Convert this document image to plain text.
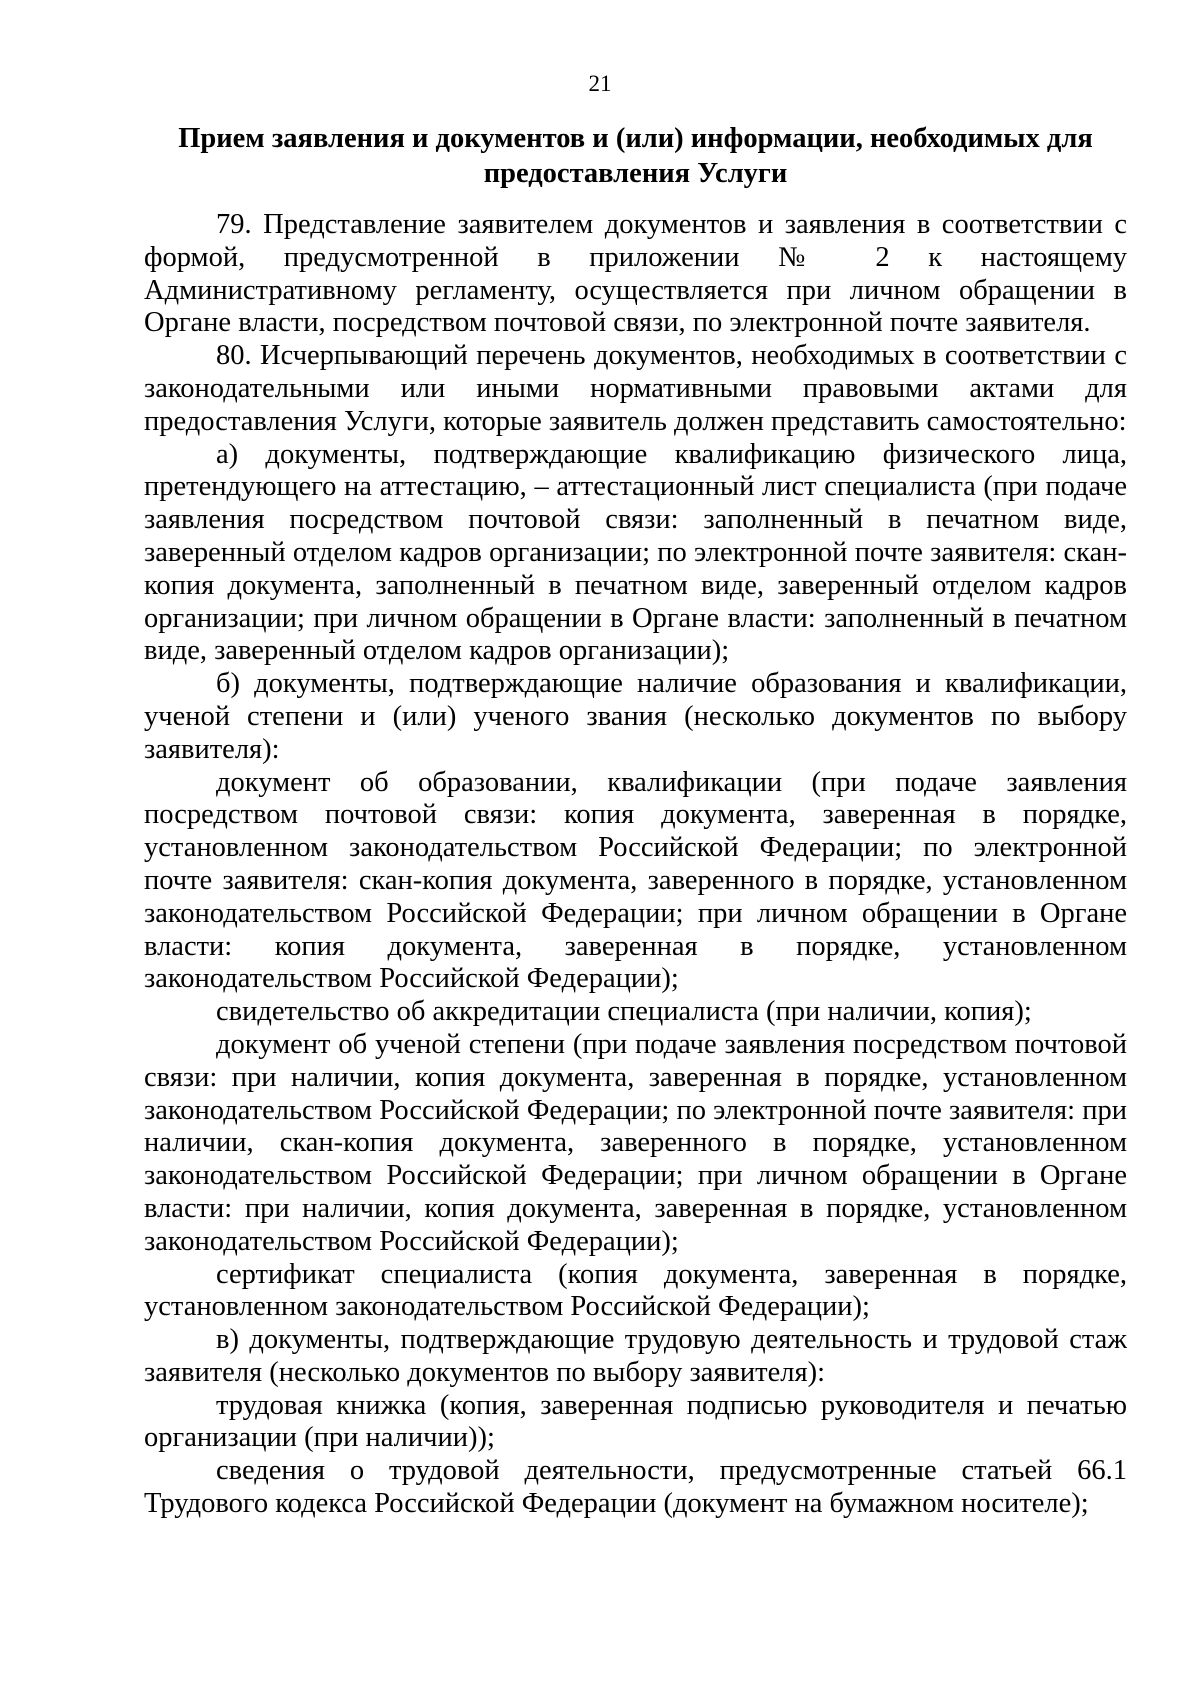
21
Прием заявления и документов и (или) информации, необходимых для предоставления Услуги

79. Представление заявителем документов и заявления в соответствии с формой, предусмотренной в приложении № 2 к настоящему Административному регламенту, осуществляется при личном обращении в Органе власти, посредством почтовой связи, по электронной почте заявителя.

80. Исчерпывающий перечень документов, необходимых в соответствии с законодательными или иными нормативными правовыми актами для предоставления Услуги, которые заявитель должен представить самостоятельно:

а) документы, подтверждающие квалификацию физического лица, претендующего на аттестацию, – аттестационный лист специалиста (при подаче заявления посредством почтовой связи: заполненный в печатном виде, заверенный отделом кадров организации; по электронной почте заявителя: скан-копия документа, заполненный в печатном виде, заверенный отделом кадров организации; при личном обращении в Органе власти: заполненный в печатном виде, заверенный отделом кадров организации);

б) документы, подтверждающие наличие образования и квалификации, ученой степени и (или) ученого звания (несколько документов по выбору заявителя):

документ об образовании, квалификации (при подаче заявления посредством почтовой связи: копия документа, заверенная в порядке, установленном законодательством Российской Федерации; по электронной почте заявителя: скан-копия документа, заверенного в порядке, установленном законодательством Российской Федерации; при личном обращении в Органе власти: копия документа, заверенная в порядке, установленном законодательством Российской Федерации);

свидетельство об аккредитации специалиста (при наличии, копия);

документ об ученой степени (при подаче заявления посредством почтовой связи: при наличии, копия документа, заверенная в порядке, установленном законодательством Российской Федерации; по электронной почте заявителя: при наличии, скан-копия документа, заверенного в порядке, установленном законодательством Российской Федерации; при личном обращении в Органе власти: при наличии, копия документа, заверенная в порядке, установленном законодательством Российской Федерации);

сертификат специалиста (копия документа, заверенная в порядке, установленном законодательством Российской Федерации);

в) документы, подтверждающие трудовую деятельность и трудовой стаж заявителя (несколько документов по выбору заявителя):

трудовая книжка (копия, заверенная подписью руководителя и печатью организации (при наличии));

сведения о трудовой деятельности, предусмотренные статьей 66.1 Трудового кодекса Российской Федерации (документ на бумажном носителе);
